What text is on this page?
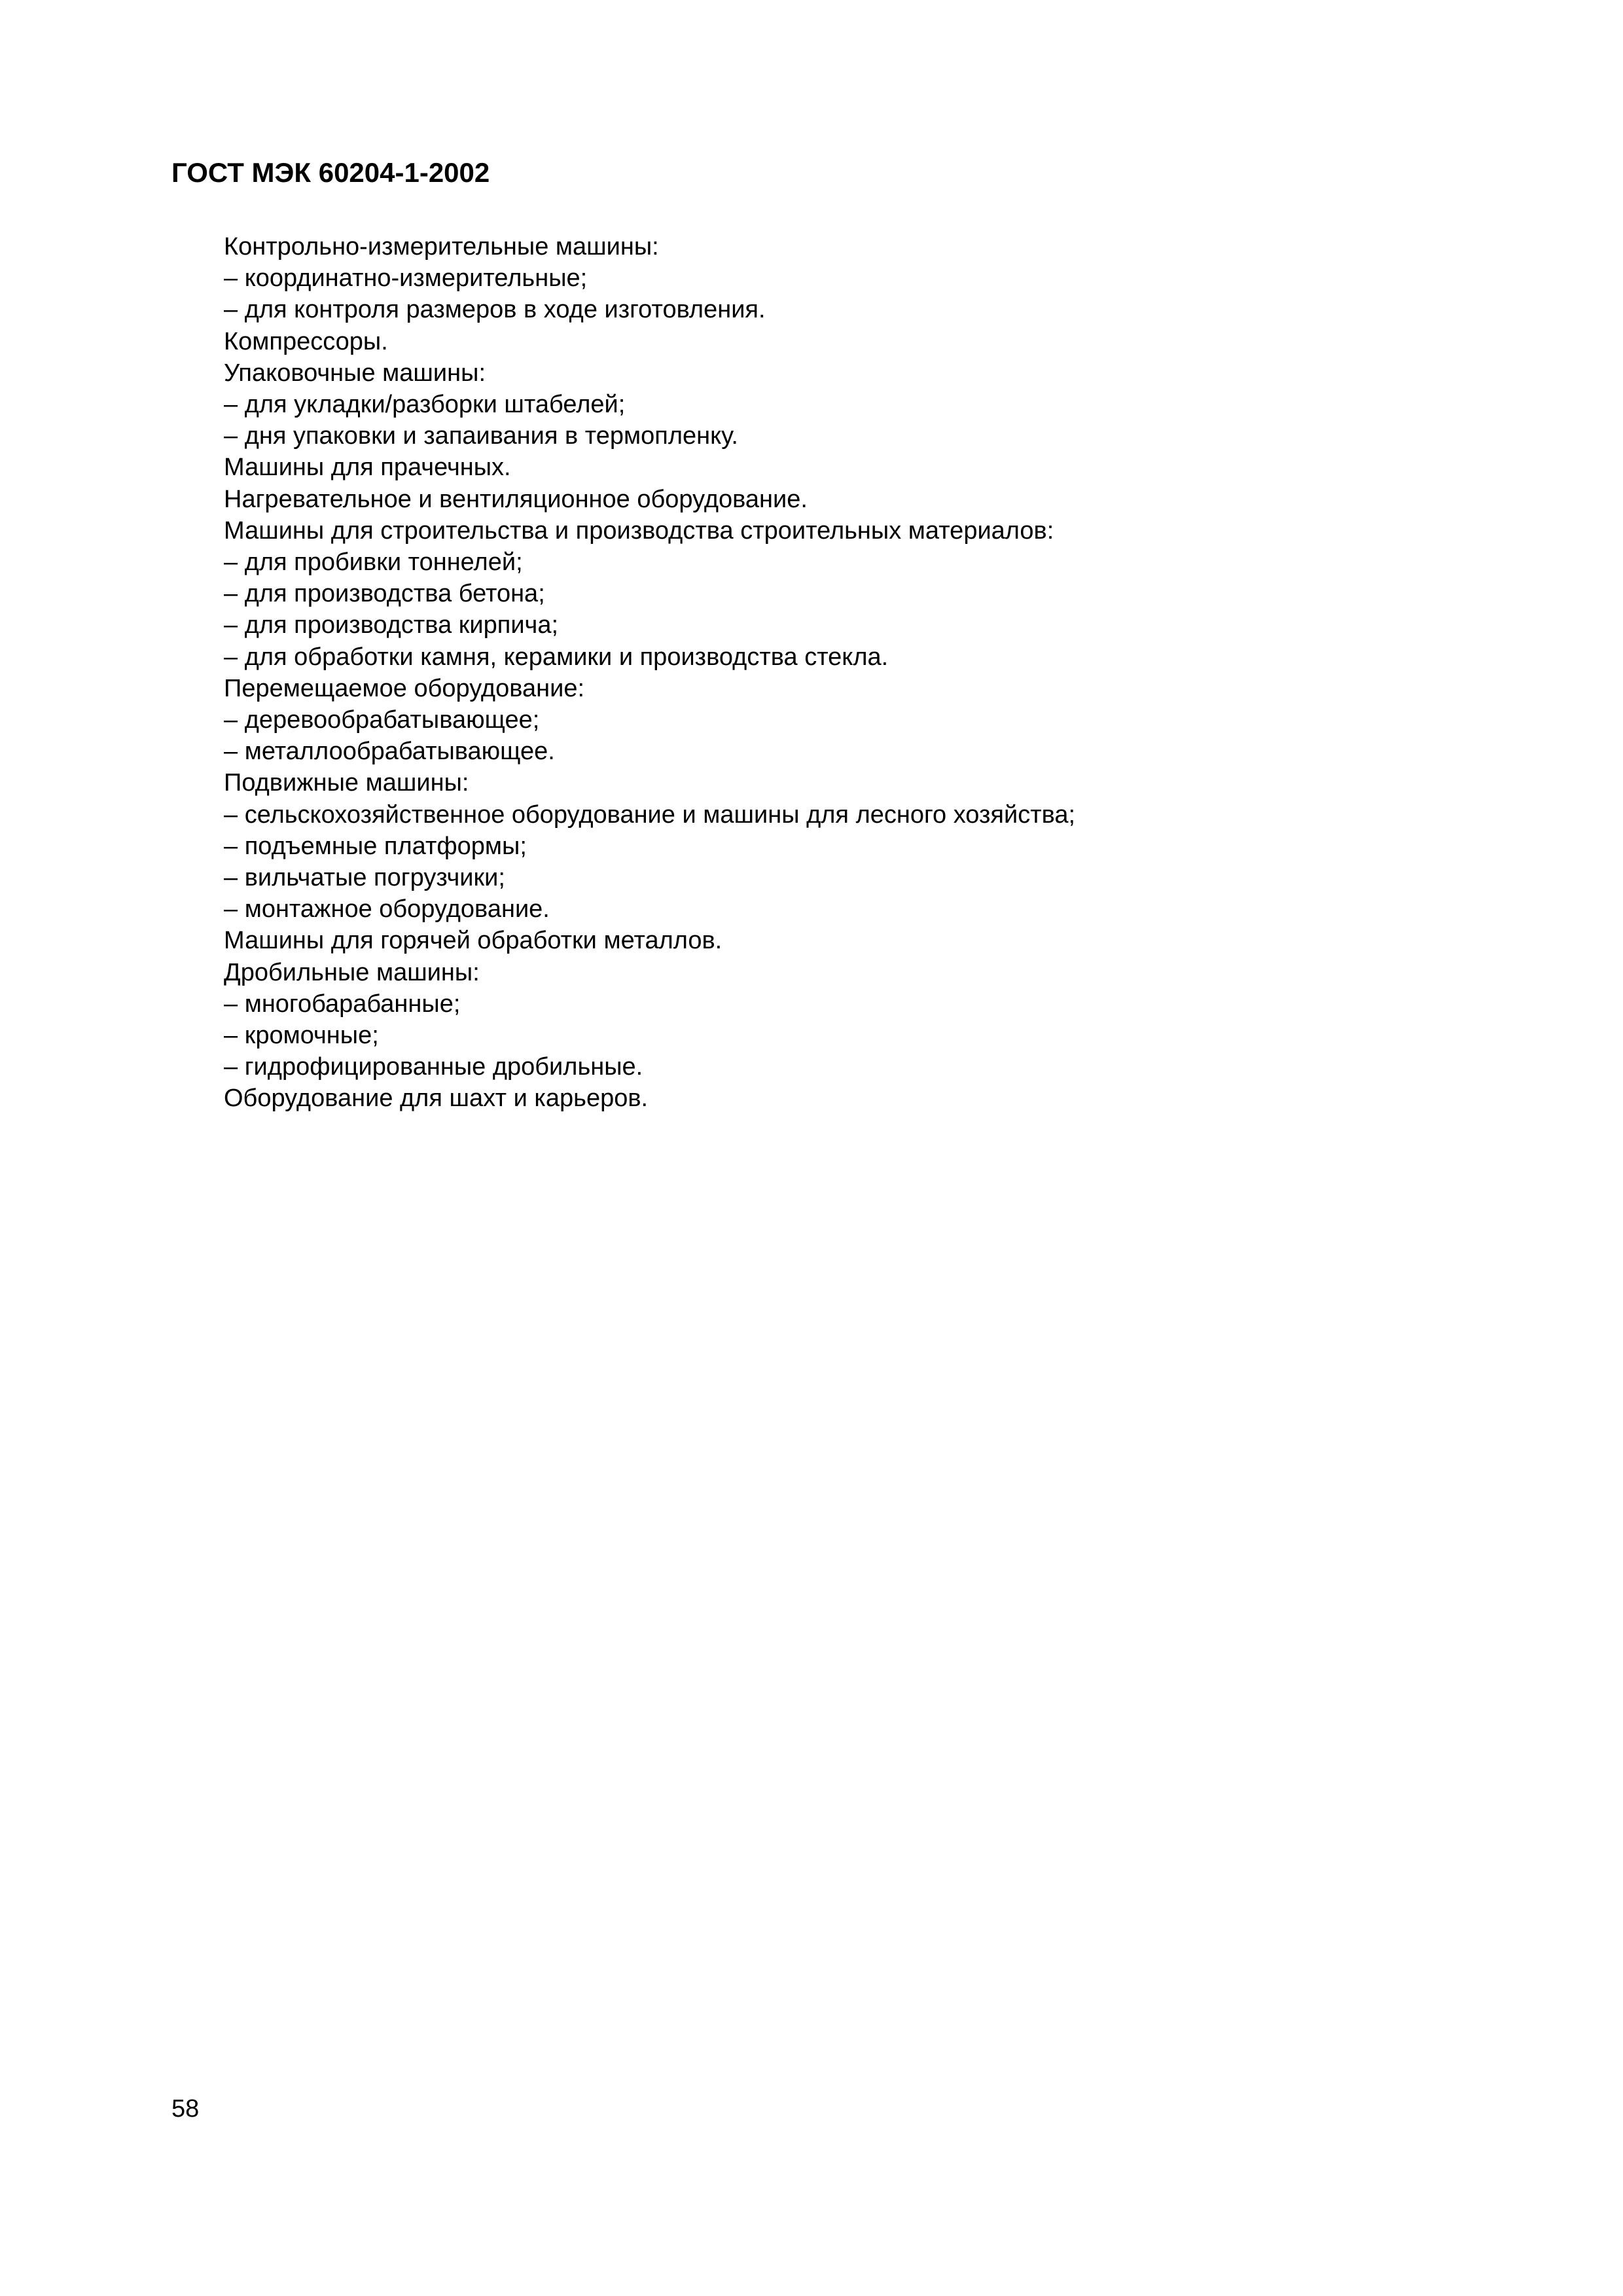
ГОСТ МЭК 60204-1-2002
Контрольно-измерительные машины:
– координатно-измерительные;
– для контроля размеров в ходе изготовления.
Компрессоры.
Упаковочные машины:
– для укладки/разборки штабелей;
– дня упаковки и запаивания в термопленку.
Машины для прачечных.
Нагревательное и вентиляционное оборудование.
Машины для строительства и производства строительных материалов:
– для пробивки тоннелей;
– для производства бетона;
– для производства кирпича;
– для обработки камня, керамики и производства стекла.
Перемещаемое оборудование:
– деревообрабатывающее;
– металлообрабатывающее.
Подвижные машины:
– сельскохозяйственное оборудование и машины для лесного хозяйства;
– подъемные платформы;
– вильчатые погрузчики;
– монтажное оборудование.
Машины для горячей обработки металлов.
Дробильные машины:
– многобарабанные;
– кромочные;
– гидрофицированные дробильные.
Оборудование для шахт и карьеров.
58
